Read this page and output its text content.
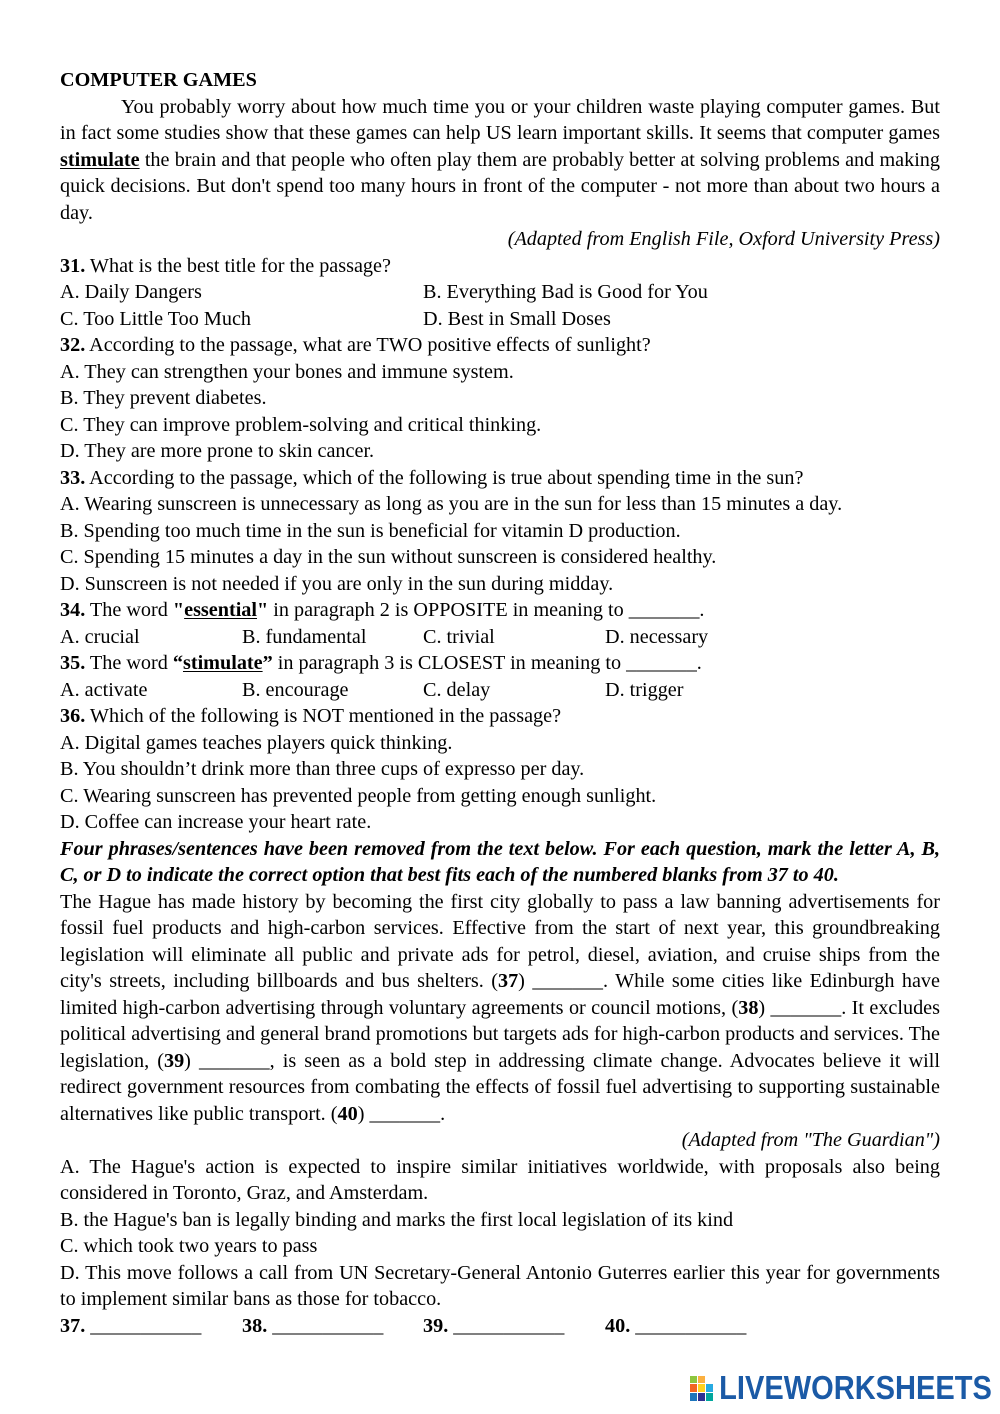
COMPUTER GAMES

You probably worry about how much time you or your children waste playing computer games. But in fact some studies show that these games can help US learn important skills. It seems that computer games stimulate the brain and that people who often play them are probably better at solving problems and making quick decisions. But don't spend too many hours in front of the computer - not more than about two hours a day.

(Adapted from English File, Oxford University Press)
31. What is the best title for the passage?
A. Daily Dangers	B. Everything Bad is Good for You
C. Too Little Too Much	D. Best in Small Doses
32. According to the passage, what are TWO positive effects of sunlight?
A. They can strengthen your bones and immune system.
B. They prevent diabetes.
C. They can improve problem-solving and critical thinking.
D. They are more prone to skin cancer.
33. According to the passage, which of the following is true about spending time in the sun?
A. Wearing sunscreen is unnecessary as long as you are in the sun for less than 15 minutes a day.
B. Spending too much time in the sun is beneficial for vitamin D production.
C. Spending 15 minutes a day in the sun without sunscreen is considered healthy.
D. Sunscreen is not needed if you are only in the sun during midday.
34. The word "essential" in paragraph 2 is OPPOSITE in meaning to _______.
A. crucial	B. fundamental	C. trivial	D. necessary
35. The word “stimulate” in paragraph 3 is CLOSEST in meaning to _______.
A. activate	B. encourage	C. delay	D. trigger
36. Which of the following is NOT mentioned in the passage?
A. Digital games teaches players quick thinking.
B. You shouldn’t drink more than three cups of expresso per day.
C. Wearing sunscreen has prevented people from getting enough sunlight.
D. Coffee can increase your heart rate.

Four phrases/sentences have been removed from the text below. For each question, mark the letter A, B, C, or D to indicate the correct option that best fits each of the numbered blanks from 37 to 40.

The Hague has made history by becoming the first city globally to pass a law banning advertisements for fossil fuel products and high-carbon services. Effective from the start of next year, this groundbreaking legislation will eliminate all public and private ads for petrol, diesel, aviation, and cruise ships from the city's streets, including billboards and bus shelters. (37) _______. While some cities like Edinburgh have limited high-carbon advertising through voluntary agreements or council motions, (38) _______. It excludes political advertising and general brand promotions but targets ads for high-carbon products and services. The legislation, (39) _______, is seen as a bold step in addressing climate change. Advocates believe it will redirect government resources from combating the effects of fossil fuel advertising to supporting sustainable alternatives like public transport. (40) _______.

(Adapted from "The Guardian")

A. The Hague's action is expected to inspire similar initiatives worldwide, with proposals also being considered in Toronto, Graz, and Amsterdam.

B. the Hague's ban is legally binding and marks the first local legislation of its kind

C. which took two years to pass

D. This move follows a call from UN Secretary-General Antonio Guterres earlier this year for governments to implement similar bans as those for tobacco.

37. ___________ 38. ___________ 39. ___________ 40. ___________
LIVEWORKSHEETS
